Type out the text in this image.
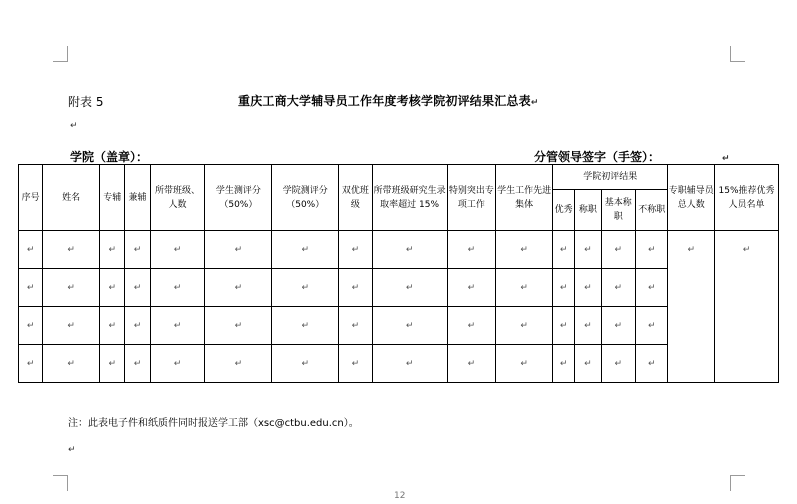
↵
↵
附表 5	重庆工商大学辅导员工作年度考核学院初评结果汇总表↵
学院（盖章）：	分管领导签字（手签）：	↵
序号	姓名	专辅	兼辅	所带班级、人数	学生测评分（50%）	学院测评分（50%）	双优班级	所带班级研究生录取率超过 15%	特别突出专项工作	学生工作先进集体	学院初评结果				专职辅导员总人数	15%推荐优秀人员名单
											优秀	称职	基本称职	不称职		
↵	↵	↵	↵	↵	↵	↵	↵	↵	↵	↵	↵	↵	↵	↵	↵	↵
↵	↵	↵	↵	↵	↵	↵	↵	↵	↵	↵	↵	↵	↵	↵		
↵	↵	↵	↵	↵	↵	↵	↵	↵	↵	↵	↵	↵	↵	↵		
↵	↵	↵	↵	↵	↵	↵	↵	↵	↵	↵	↵	↵	↵	↵		
注：此表电子件和纸质件同时报送学工部（xsc@ctbu.edu.cn）。
12
